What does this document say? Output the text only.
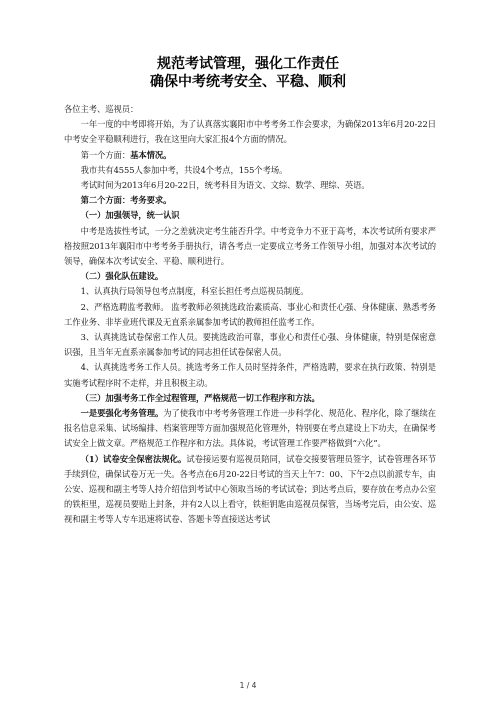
规范考试管理，强化工作责任
确保中考统考安全、平稳、顺利

各位主考、巡视员：

一年一度的中考即将开始，为了认真落实襄阳市中考考务工作会要求，为确保2013年6月20-22日中考安全平稳顺利进行，我在这里向大家汇报4个方面的情况。

第一个方面：基本情况。

我市共有4555人参加中考，共设4个考点，155个考场。

考试时间为2013年6月20-22日，统考科目为语文、文综、数学、理综、英语。

第二个方面：考务要求。

（一）加强领导，统一认识

中考是选拔性考试，一分之差就决定考生能否升学。中考竞争力不亚于高考，本次考试所有要求严格按照2013年襄阳市中考考务手册执行，请各考点一定要成立考务工作领导小组，加强对本次考试的领导，确保本次考试安全、平稳、顺利进行。

（二）强化队伍建设。

1、认真执行局领导包考点制度，科室长担任考点巡视员制度。

2、严格选聘监考教师。 监考教师必须挑选政治素质高、事业心和责任心强、身体健康、熟悉考务工作业务、非毕业班代课及无直系亲属参加考试的教师担任监考工作。

3、认真挑选试卷保密工作人员。要挑选政治可靠，事业心和责任心强、身体健康，特别是保密意识强，且当年无直系亲属参加考试的同志担任试卷保密人员。

4、认真挑选考务工作人员。挑选考务工作人员时坚持条件，严格选聘，要求在执行政策、特别是实施考试程序时不走样，并且积极主动。

（三）加强考务工作全过程管理，严格规范一切工作程序和方法。

一是要强化考务管理。为了使我市中考考务管理工作进一步科学化、规范化、程序化，除了继续在报名信息采集、试场编排、档案管理等方面加强规范化管理外，特别要在考点建设上下功夫，在确保考试安全上做文章。严格规范工作程序和方法。具体说，考试管理工作要严格做到“六化”。

（1）试卷安全保密法规化。试卷接运要有巡视员陪同，试卷交接要管理员签字，试卷管理各环节手续到位，确保试卷万无一失。各考点在6月20-22日考试的当天上午7：00、下午2点以前派专车，由公安、巡视和副主考等人持介绍信到考试中心领取当场的考试试卷；到达考点后，要存放在考点办公室的铁柜里，巡视员要贴上封条，并有2人以上看守，铁柜钥匙由巡视员保管，当场考完后，由公安、巡视和副主考等人专车迅速将试卷、答题卡等直接送达考试

1 / 4
